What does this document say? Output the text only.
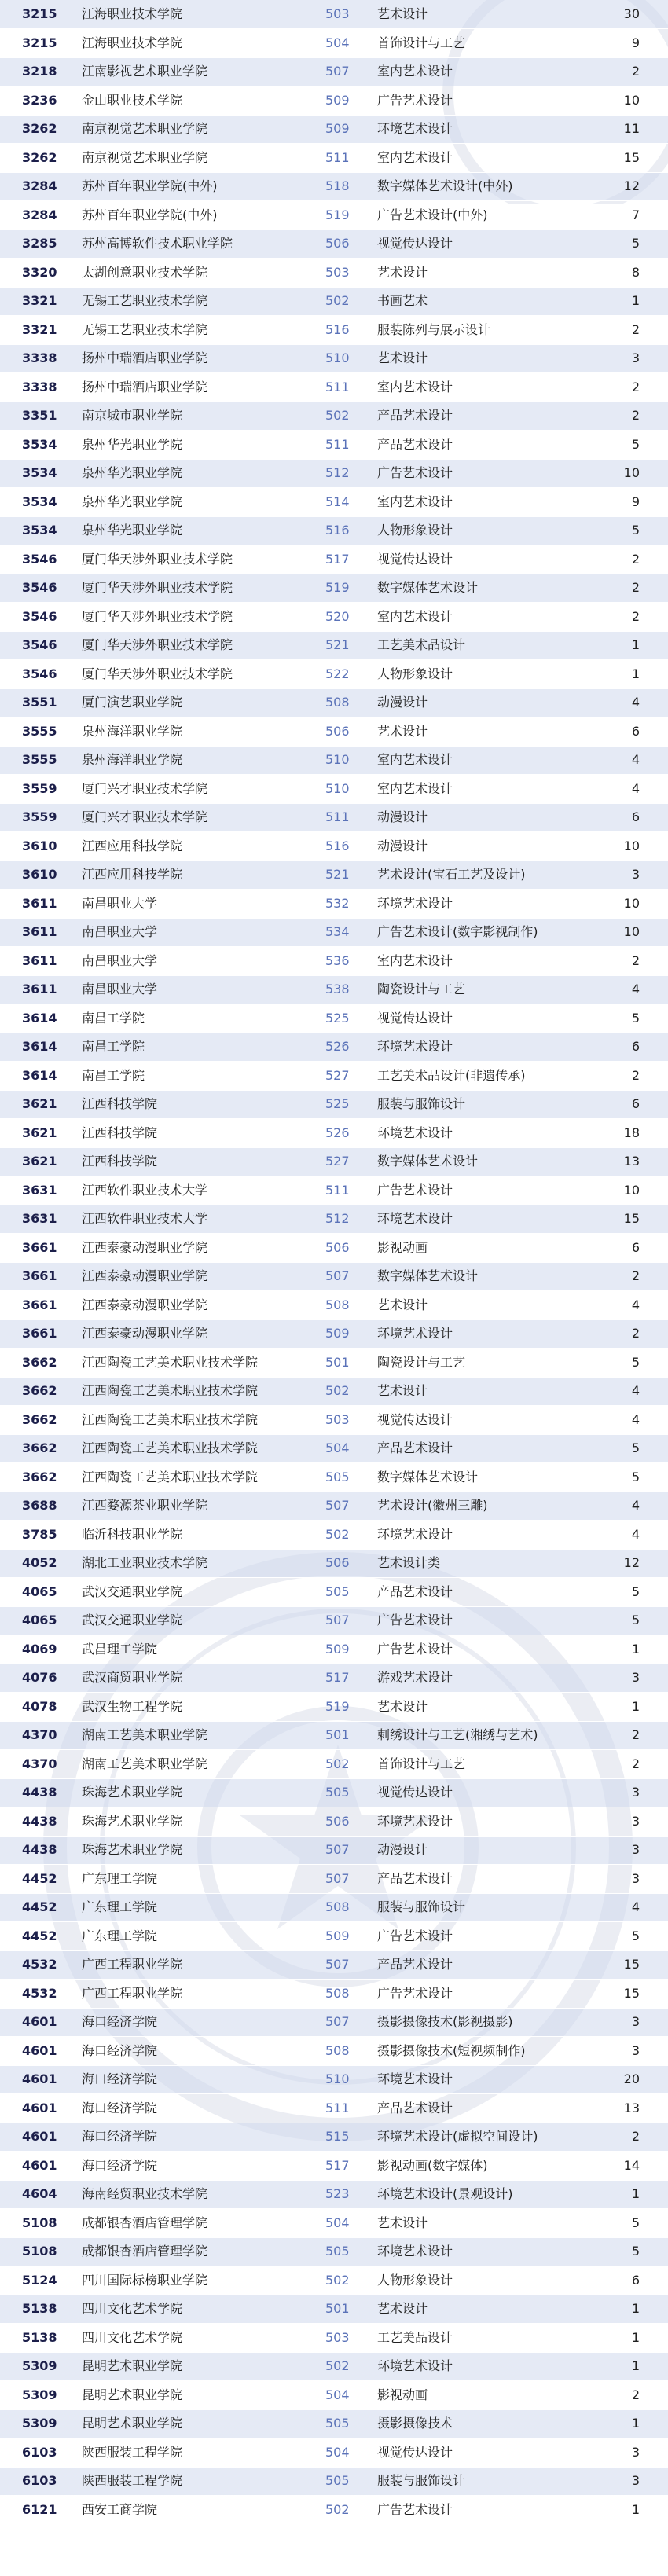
3215	江海职业技术学院	503	艺术设计	30
3215	江海职业技术学院	504	首饰设计与工艺	9
3218	江南影视艺术职业学院	507	室内艺术设计	2
3236	金山职业技术学院	509	广告艺术设计	10
3262	南京视觉艺术职业学院	509	环境艺术设计	11
3262	南京视觉艺术职业学院	511	室内艺术设计	15
3284	苏州百年职业学院(中外)	518	数字媒体艺术设计(中外)	12
3284	苏州百年职业学院(中外)	519	广告艺术设计(中外)	7
3285	苏州高博软件技术职业学院	506	视觉传达设计	5
3320	太湖创意职业技术学院	503	艺术设计	8
3321	无锡工艺职业技术学院	502	书画艺术	1
3321	无锡工艺职业技术学院	516	服装陈列与展示设计	2
3338	扬州中瑞酒店职业学院	510	艺术设计	3
3338	扬州中瑞酒店职业学院	511	室内艺术设计	2
3351	南京城市职业学院	502	产品艺术设计	2
3534	泉州华光职业学院	511	产品艺术设计	5
3534	泉州华光职业学院	512	广告艺术设计	10
3534	泉州华光职业学院	514	室内艺术设计	9
3534	泉州华光职业学院	516	人物形象设计	5
3546	厦门华天涉外职业技术学院	517	视觉传达设计	2
3546	厦门华天涉外职业技术学院	519	数字媒体艺术设计	2
3546	厦门华天涉外职业技术学院	520	室内艺术设计	2
3546	厦门华天涉外职业技术学院	521	工艺美术品设计	1
3546	厦门华天涉外职业技术学院	522	人物形象设计	1
3551	厦门演艺职业学院	508	动漫设计	4
3555	泉州海洋职业学院	506	艺术设计	6
3555	泉州海洋职业学院	510	室内艺术设计	4
3559	厦门兴才职业技术学院	510	室内艺术设计	4
3559	厦门兴才职业技术学院	511	动漫设计	6
3610	江西应用科技学院	516	动漫设计	10
3610	江西应用科技学院	521	艺术设计(宝石工艺及设计)	3
3611	南昌职业大学	532	环境艺术设计	10
3611	南昌职业大学	534	广告艺术设计(数字影视制作)	10
3611	南昌职业大学	536	室内艺术设计	2
3611	南昌职业大学	538	陶瓷设计与工艺	4
3614	南昌工学院	525	视觉传达设计	5
3614	南昌工学院	526	环境艺术设计	6
3614	南昌工学院	527	工艺美术品设计(非遗传承)	2
3621	江西科技学院	525	服装与服饰设计	6
3621	江西科技学院	526	环境艺术设计	18
3621	江西科技学院	527	数字媒体艺术设计	13
3631	江西软件职业技术大学	511	广告艺术设计	10
3631	江西软件职业技术大学	512	环境艺术设计	15
3661	江西泰豪动漫职业学院	506	影视动画	6
3661	江西泰豪动漫职业学院	507	数字媒体艺术设计	2
3661	江西泰豪动漫职业学院	508	艺术设计	4
3661	江西泰豪动漫职业学院	509	环境艺术设计	2
3662	江西陶瓷工艺美术职业技术学院	501	陶瓷设计与工艺	5
3662	江西陶瓷工艺美术职业技术学院	502	艺术设计	4
3662	江西陶瓷工艺美术职业技术学院	503	视觉传达设计	4
3662	江西陶瓷工艺美术职业技术学院	504	产品艺术设计	5
3662	江西陶瓷工艺美术职业技术学院	505	数字媒体艺术设计	5
3688	江西婺源茶业职业学院	507	艺术设计(徽州三雕)	4
3785	临沂科技职业学院	502	环境艺术设计	4
4052	湖北工业职业技术学院	506	艺术设计类	12
4065	武汉交通职业学院	505	产品艺术设计	5
4065	武汉交通职业学院	507	广告艺术设计	5
4069	武昌理工学院	509	广告艺术设计	1
4076	武汉商贸职业学院	517	游戏艺术设计	3
4078	武汉生物工程学院	519	艺术设计	1
4370	湖南工艺美术职业学院	501	刺绣设计与工艺(湘绣与艺术)	2
4370	湖南工艺美术职业学院	502	首饰设计与工艺	2
4438	珠海艺术职业学院	505	视觉传达设计	3
4438	珠海艺术职业学院	506	环境艺术设计	3
4438	珠海艺术职业学院	507	动漫设计	3
4452	广东理工学院	507	产品艺术设计	3
4452	广东理工学院	508	服装与服饰设计	4
4452	广东理工学院	509	广告艺术设计	5
4532	广西工程职业学院	507	产品艺术设计	15
4532	广西工程职业学院	508	广告艺术设计	15
4601	海口经济学院	507	摄影摄像技术(影视摄影)	3
4601	海口经济学院	508	摄影摄像技术(短视频制作)	3
4601	海口经济学院	510	环境艺术设计	20
4601	海口经济学院	511	产品艺术设计	13
4601	海口经济学院	515	环境艺术设计(虚拟空间设计)	2
4601	海口经济学院	517	影视动画(数字媒体)	14
4604	海南经贸职业技术学院	523	环境艺术设计(景观设计)	1
5108	成都银杏酒店管理学院	504	艺术设计	5
5108	成都银杏酒店管理学院	505	环境艺术设计	5
5124	四川国际标榜职业学院	502	人物形象设计	6
5138	四川文化艺术学院	501	艺术设计	1
5138	四川文化艺术学院	503	工艺美品设计	1
5309	昆明艺术职业学院	502	环境艺术设计	1
5309	昆明艺术职业学院	504	影视动画	2
5309	昆明艺术职业学院	505	摄影摄像技术	1
6103	陕西服装工程学院	504	视觉传达设计	3
6103	陕西服装工程学院	505	服装与服饰设计	3
6121	西安工商学院	502	广告艺术设计	1
